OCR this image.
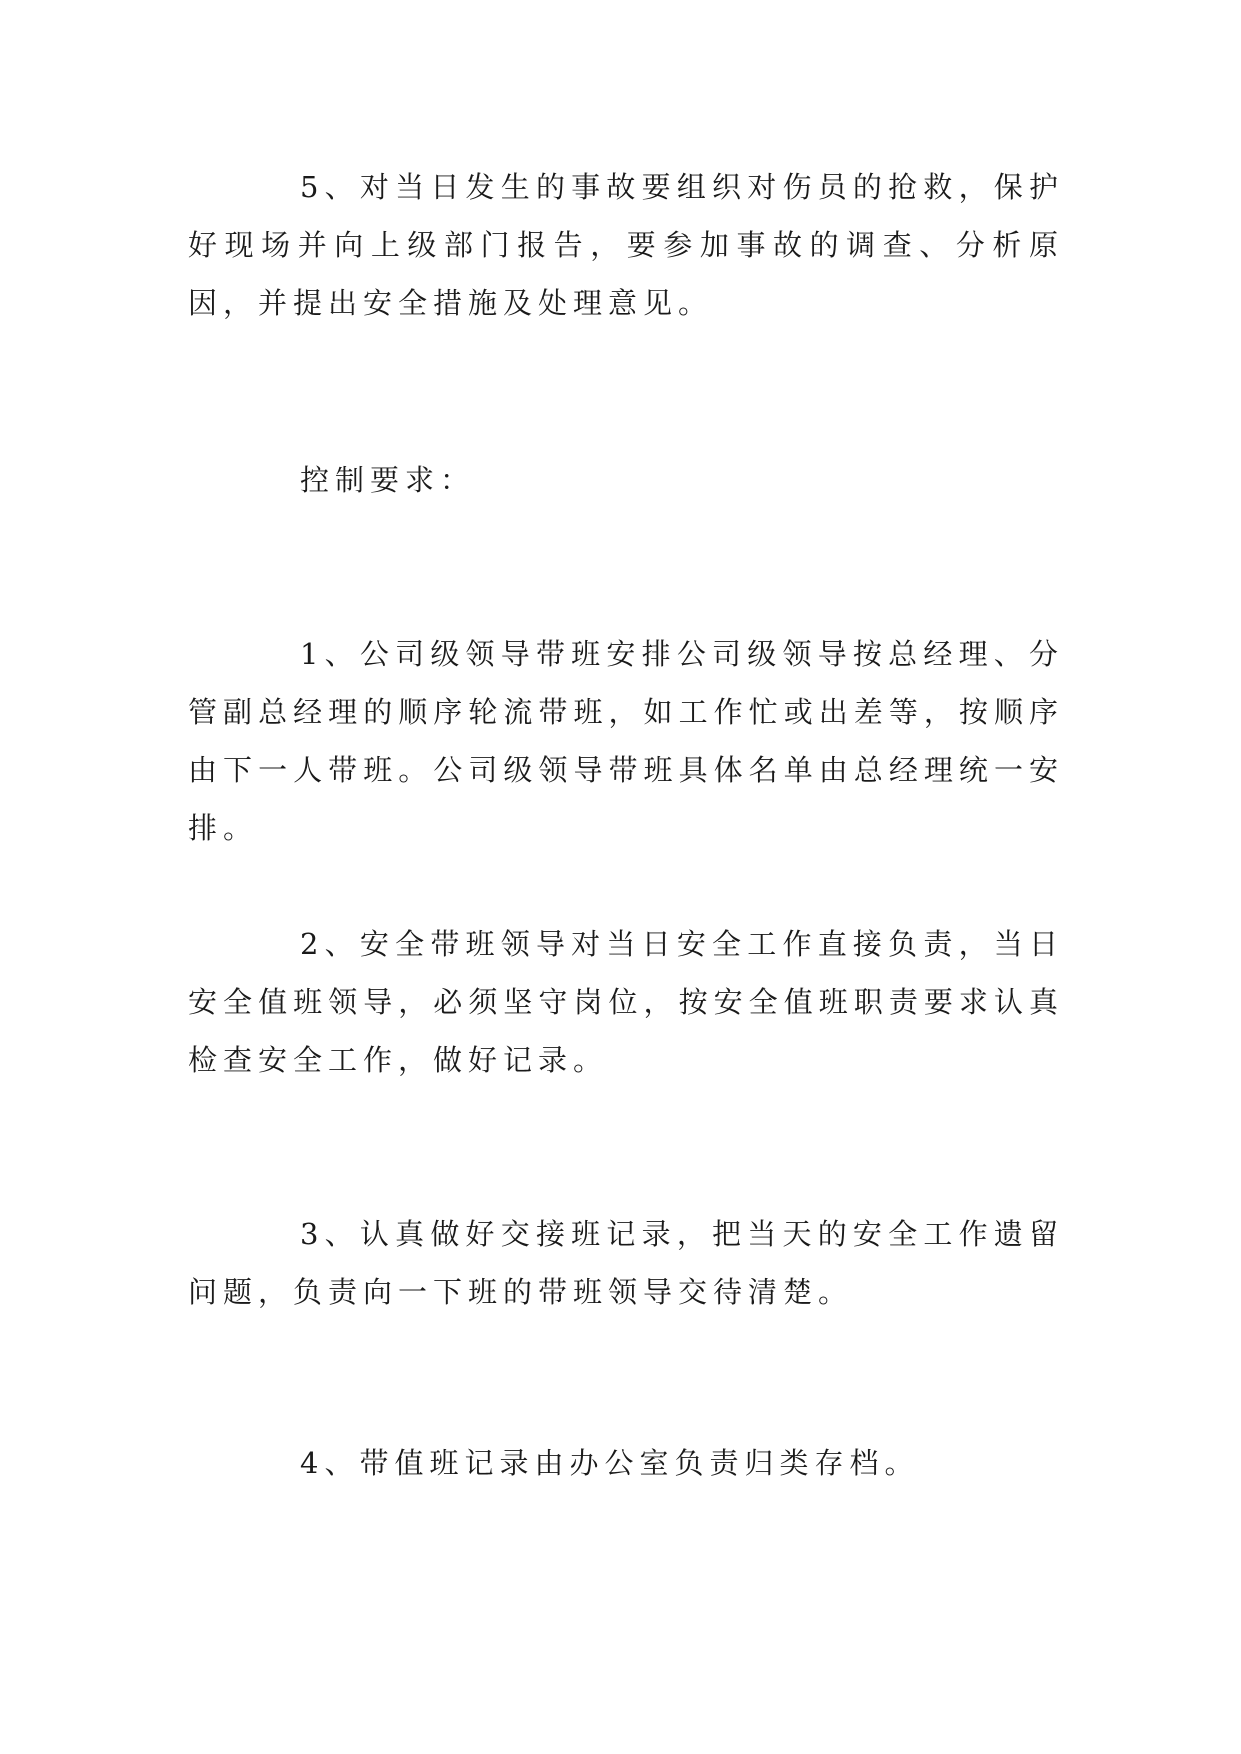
5、对当日发生的事故要组织对伤员的抢救，保护好现场并向上级部门报告，要参加事故的调查、分析原因，并提出安全措施及处理意见。

控制要求：

1、公司级领导带班安排公司级领导按总经理、分管副总经理的顺序轮流带班，如工作忙或出差等，按顺序由下一人带班。公司级领导带班具体名单由总经理统一安排。

2、安全带班领导对当日安全工作直接负责，当日安全值班领导，必须坚守岗位，按安全值班职责要求认真检查安全工作，做好记录。

3、认真做好交接班记录，把当天的安全工作遗留问题，负责向一下班的带班领导交待清楚。

4、带值班记录由办公室负责归类存档。
